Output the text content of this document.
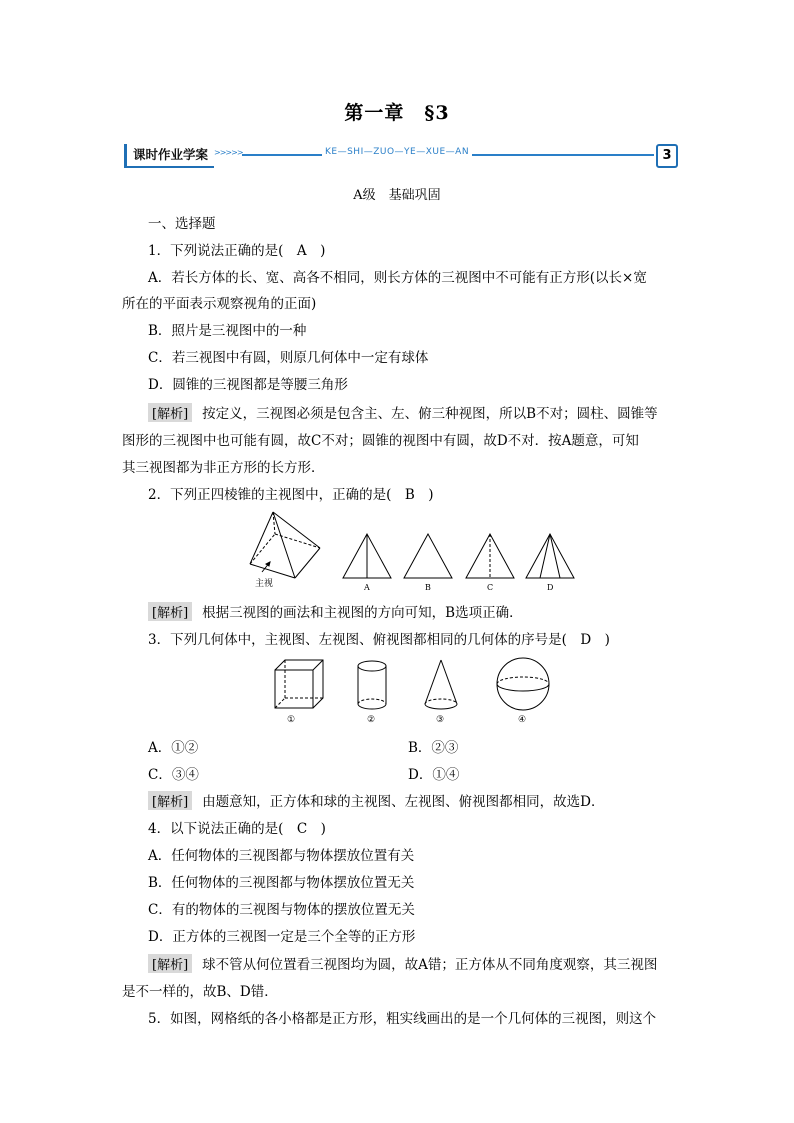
第一章　§3
课时作业学案 >>>>>	KE—SHI—ZUO—YE—XUE—AN	3
A级　基础巩固
一、选择题
1．下列说法正确的是(　A　)
A．若长方体的长、宽、高各不相同，则长方体的三视图中不可能有正方形(以长×宽
所在的平面表示观察视角的正面)
B．照片是三视图中的一种
C．若三视图中有圆，则原几何体中一定有球体
D．圆锥的三视图都是等腰三角形
[解析] 按定义，三视图必须是包含主、左、俯三种视图，所以B不对；圆柱、圆锥等
图形的三视图中也可能有圆，故C不对；圆锥的视图中有圆，故D不对．按A题意，可知
其三视图都为非正方形的长方形．
2．下列正四棱锥的主视图中，正确的是(　B　)
主视	A	B	C	D
[解析] 根据三视图的画法和主视图的方向可知，B选项正确．
3．下列几何体中，主视图、左视图、俯视图都相同的几何体的序号是(　D　)
①	②	③	④
A．①②	B．②③
C．③④	D．①④
[解析] 由题意知，正方体和球的主视图、左视图、俯视图都相同，故选D．
4．以下说法正确的是(　C　)
A．任何物体的三视图都与物体摆放位置有关
B．任何物体的三视图都与物体摆放位置无关
C．有的物体的三视图与物体的摆放位置无关
D．正方体的三视图一定是三个全等的正方形
[解析] 球不管从何位置看三视图均为圆，故A错；正方体从不同角度观察，其三视图
是不一样的，故B、D错．
5．如图，网格纸的各小格都是正方形，粗实线画出的是一个几何体的三视图，则这个
